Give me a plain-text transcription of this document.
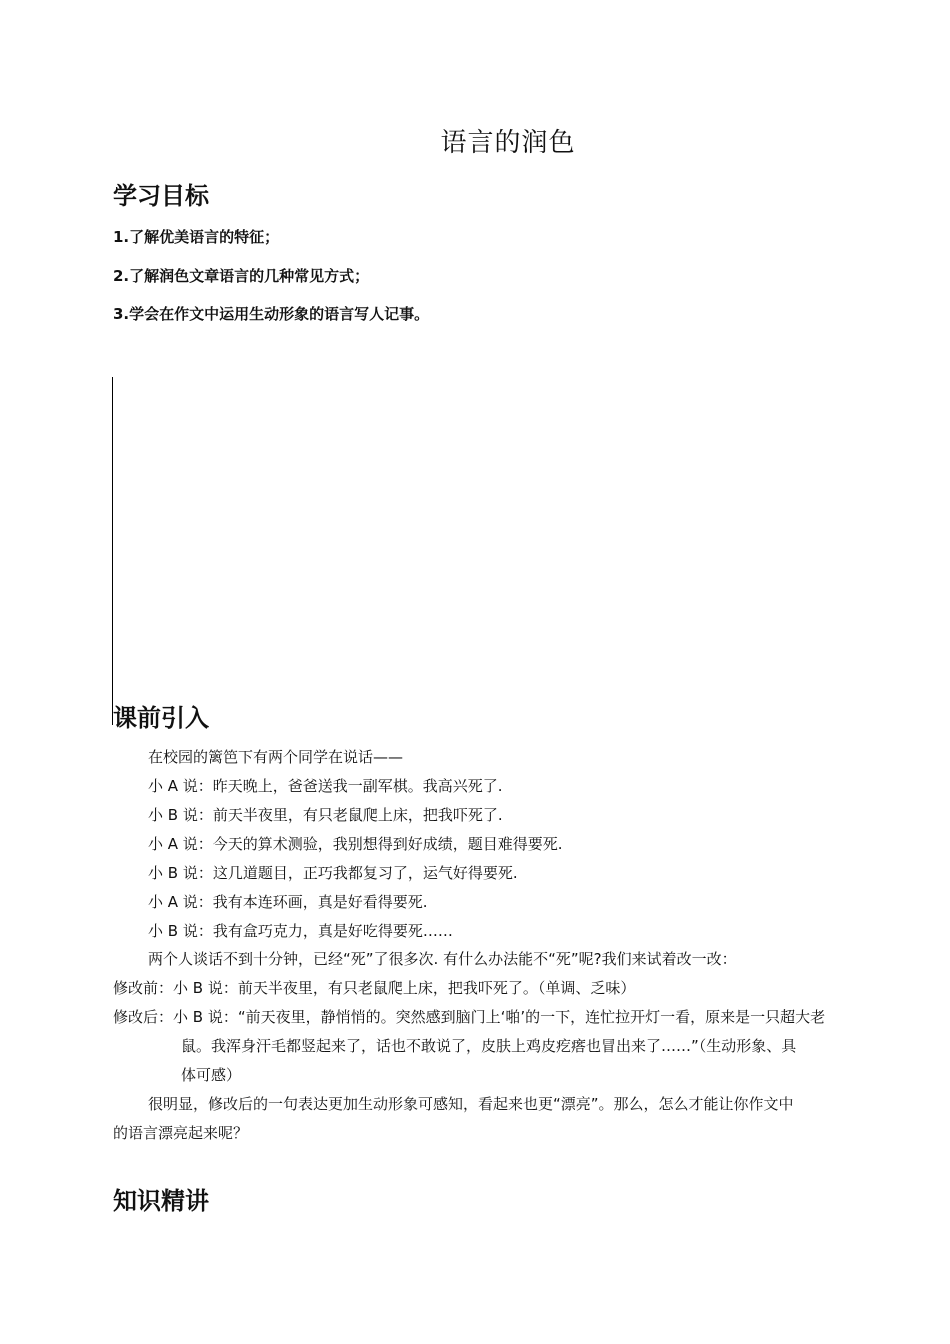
语言的润色
学习目标
1.了解优美语言的特征；
2.了解润色文章语言的几种常见方式；
3.学会在作文中运用生动形象的语言写人记事。
课前引入
在校园的篱笆下有两个同学在说话——
小 A 说：昨天晚上，爸爸送我一副军棋。我高兴死了.
小 B 说：前天半夜里，有只老鼠爬上床，把我吓死了.
小 A 说：今天的算术测验，我别想得到好成绩，题目难得要死.
小 B 说：这几道题目，正巧我都复习了，运气好得要死.
小 A 说：我有本连环画，真是好看得要死.
小 B 说：我有盒巧克力，真是好吃得要死……
两个人谈话不到十分钟，已经“死”了很多次. 有什么办法能不“死”呢?我们来试着改一改：
修改前：小 B 说：前天半夜里，有只老鼠爬上床，把我吓死了。（单调、乏味）
修改后：小 B 说：“前天夜里，静悄悄的。突然感到脑门上‘啪’的一下，连忙拉开灯一看，原来是一只超大老
鼠。我浑身汗毛都竖起来了，话也不敢说了，皮肤上鸡皮疙瘩也冒出来了……”（生动形象、具
体可感）
很明显，修改后的一句表达更加生动形象可感知，看起来也更“漂亮”。那么，怎么才能让你作文中
的语言漂亮起来呢？
知识精讲
